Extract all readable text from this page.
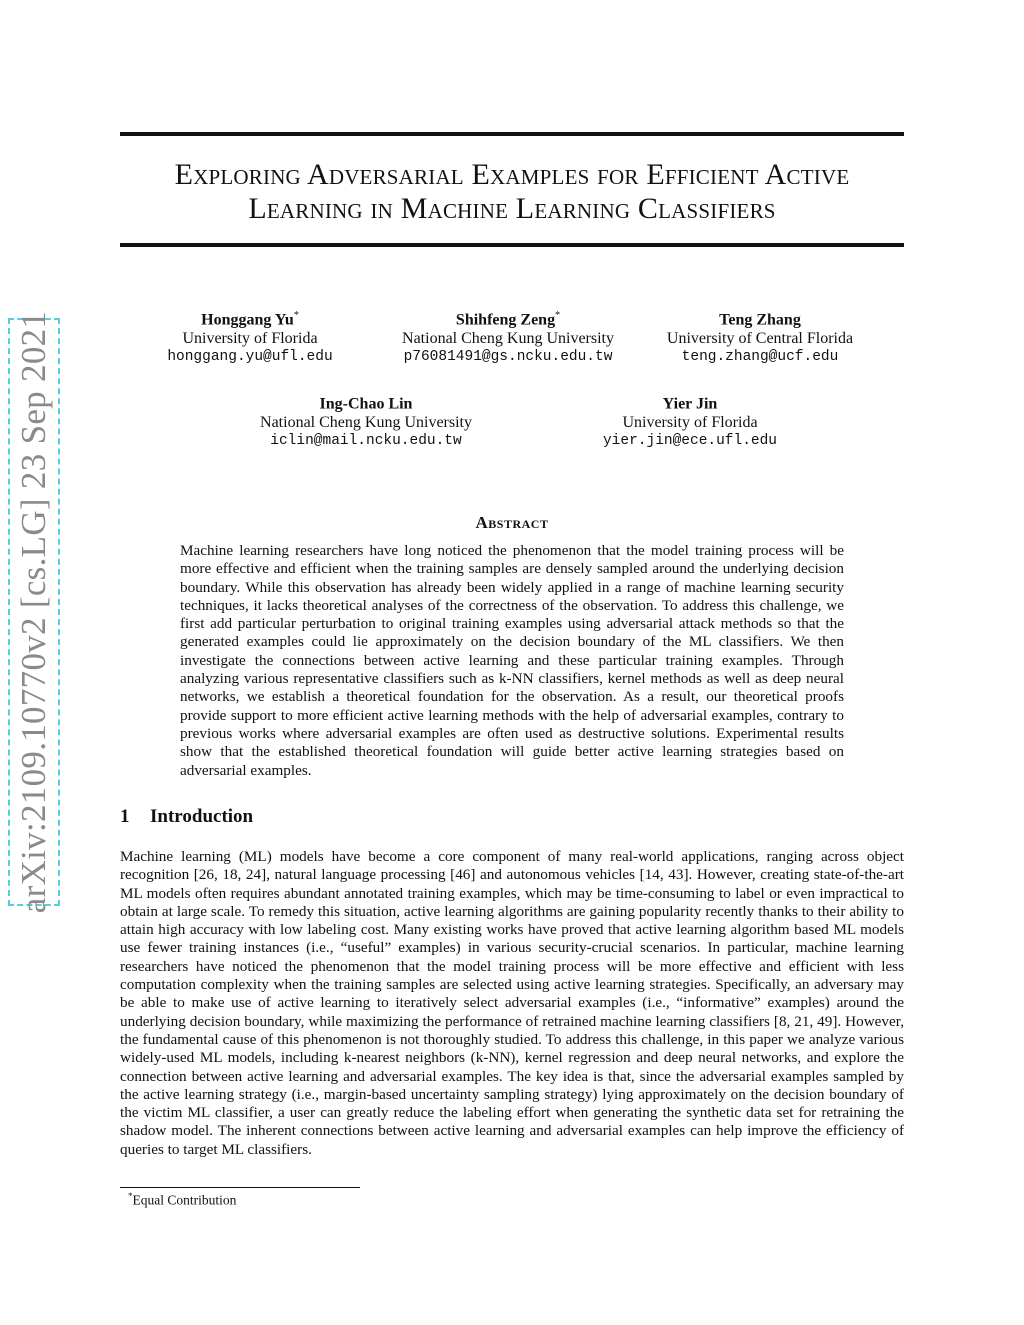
arXiv:2109.10770v2 [cs.LG] 23 Sep 2021
Exploring Adversarial Examples for Efficient Active
Learning in Machine Learning Classifiers
Honggang Yu*
University of Florida
honggang.yu@ufl.edu
Shihfeng Zeng*
National Cheng Kung University
p76081491@gs.ncku.edu.tw
Teng Zhang
University of Central Florida
teng.zhang@ucf.edu
Ing-Chao Lin
National Cheng Kung University
iclin@mail.ncku.edu.tw
Yier Jin
University of Florida
yier.jin@ece.ufl.edu
Abstract
Machine learning researchers have long noticed the phenomenon that the model training process will be more effective and efficient when the training samples are densely sampled around the underlying decision boundary. While this observation has already been widely applied in a range of machine learning security techniques, it lacks theoretical analyses of the correctness of the observation. To address this challenge, we first add particular perturbation to original training examples using adversarial attack methods so that the generated examples could lie approximately on the decision boundary of the ML classifiers. We then investigate the connections between active learning and these particular training examples. Through analyzing various representative classifiers such as k-NN classifiers, kernel methods as well as deep neural networks, we establish a theoretical foundation for the observation. As a result, our theoretical proofs provide support to more efficient active learning methods with the help of adversarial examples, contrary to previous works where adversarial examples are often used as destructive solutions. Experimental results show that the established theoretical foundation will guide better active learning strategies based on adversarial examples.
1 Introduction
Machine learning (ML) models have become a core component of many real-world applications, ranging across object recognition [26, 18, 24], natural language processing [46] and autonomous vehicles [14, 43]. However, creating state-of-the-art ML models often requires abundant annotated training examples, which may be time-consuming to label or even impractical to obtain at large scale. To remedy this situation, active learning algorithms are gaining popularity recently thanks to their ability to attain high accuracy with low labeling cost. Many existing works have proved that active learning algorithm based ML models use fewer training instances (i.e., “useful” examples) in various security-crucial scenarios. In particular, machine learning researchers have noticed the phenomenon that the model training process will be more effective and efficient with less computation complexity when the training samples are selected using active learning strategies. Specifically, an adversary may be able to make use of active learning to iteratively select adversarial examples (i.e., “informative” examples) around the underlying decision boundary, while maximizing the performance of retrained machine learning classifiers [8, 21, 49]. However, the fundamental cause of this phenomenon is not thoroughly studied. To address this challenge, in this paper we analyze various widely-used ML models, including k-nearest neighbors (k-NN), kernel regression and deep neural networks, and explore the connection between active learning and adversarial examples. The key idea is that, since the adversarial examples sampled by the active learning strategy (i.e., margin-based uncertainty sampling strategy) lying approximately on the decision boundary of the victim ML classifier, a user can greatly reduce the labeling effort when generating the synthetic data set for retraining the shadow model. The inherent connections between active learning and adversarial examples can help improve the efficiency of queries to target ML classifiers.
*Equal Contribution
